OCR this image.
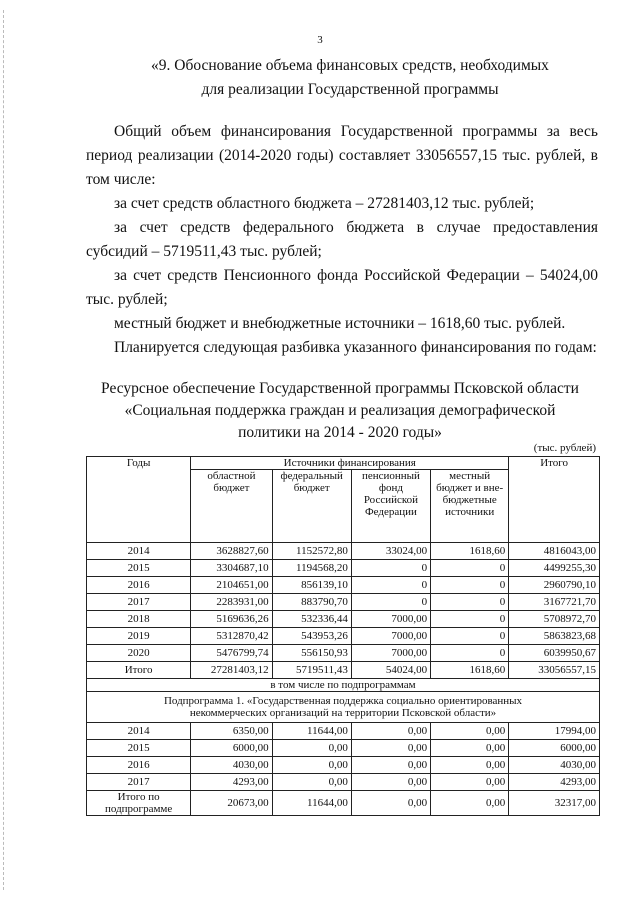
3
«9. Обоснование объема финансовых средств, необходимых
для реализации Государственной программы
Общий объем финансирования Государственной программы за весь период реализации (2014-2020 годы) составляет 33056557,15 тыс. рублей, в том числе:
за счет средств областного бюджета – 27281403,12 тыс. рублей;
за счет средств федерального бюджета в случае предоставления субсидий – 5719511,43 тыс. рублей;
за счет средств Пенсионного фонда Российской Федерации – 54024,00 тыс. рублей;
местный бюджет и внебюджетные источники – 1618,60 тыс. рублей.
Планируется следующая разбивка указанного финансирования по годам:
Ресурсное обеспечение Государственной программы Псковской области
«Социальная поддержка граждан и реализация демографической
политики на 2014 - 2020 годы»
(тыс. рублей)
Годы	Источники финансирования				Итого
	областной бюджет	федеральный бюджет	пенсионный фонд Российской Федерации	местный бюджет и вне-бюджетные источники	
2014	3628827,60	1152572,80	33024,00	1618,60	4816043,00
2015	3304687,10	1194568,20	0	0	4499255,30
2016	2104651,00	856139,10	0	0	2960790,10
2017	2283931,00	883790,70	0	0	3167721,70
2018	5169636,26	532336,44	7000,00	0	5708972,70
2019	5312870,42	543953,26	7000,00	0	5863823,68
2020	5476799,74	556150,93	7000,00	0	6039950,67
Итого	27281403,12	5719511,43	54024,00	1618,60	33056557,15
в том числе по подпрограммам					
Подпрограмма 1. «Государственная поддержка социально ориентированных некоммерческих организаций на территории Псковской области»					
2014	6350,00	11644,00	0,00	0,00	17994,00
2015	6000,00	0,00	0,00	0,00	6000,00
2016	4030,00	0,00	0,00	0,00	4030,00
2017	4293,00	0,00	0,00	0,00	4293,00
Итого по подпрограмме	20673,00	11644,00	0,00	0,00	32317,00
